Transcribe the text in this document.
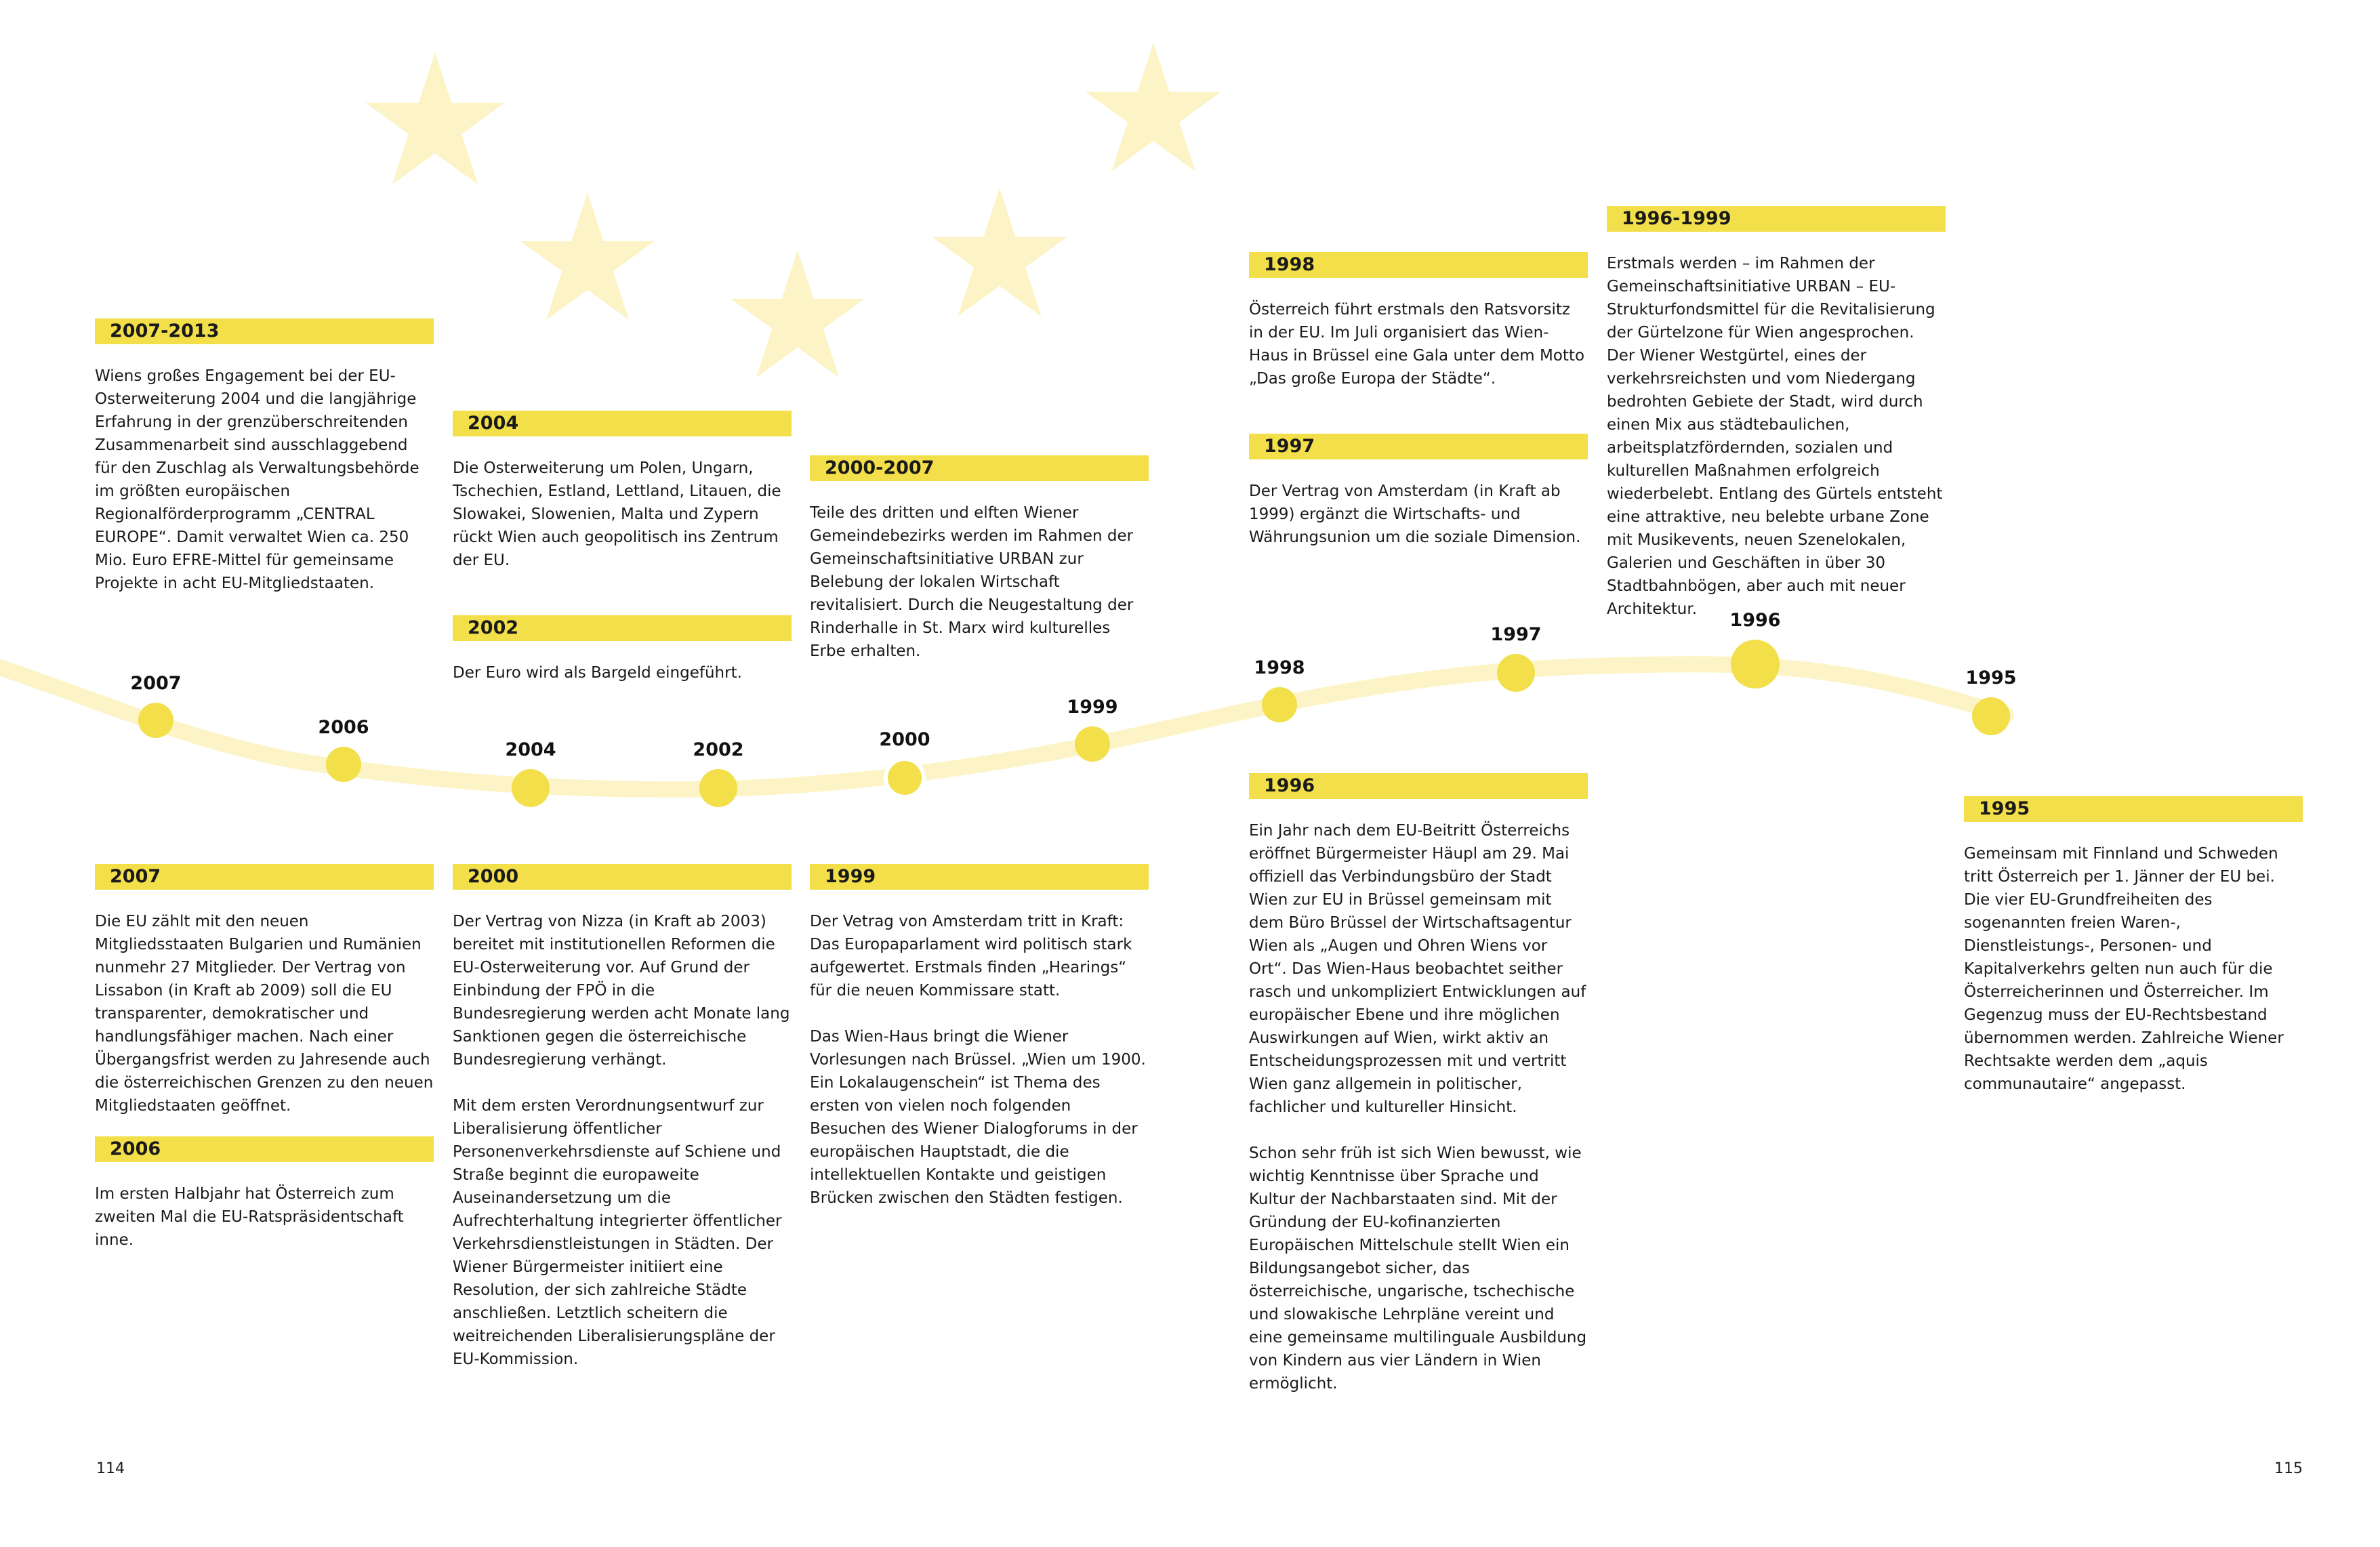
2007
2006
2004	2002	2000
1999
1998
1997
1996
1995
2007-2013

Wiens großes Engagement bei der EU-Osterweiterung 2004 und die langjährige Erfahrung in der grenzüberschreitenden Zusammenarbeit sind ausschlaggebend für den Zuschlag als Verwaltungsbehörde im größten europäischen Regionalförderprogramm „CENTRAL EUROPE“. Damit verwaltet Wien ca. 250 Mio. Euro EFRE-Mittel für gemeinsame Projekte in acht EU-Mitgliedstaaten.

2004

Die Osterweiterung um Polen, Ungarn, Tschechien, Estland, Lettland, Litauen, die Slowakei, Slowenien, Malta und Zypern rückt Wien auch geopolitisch ins Zentrum der EU.

2002

Der Euro wird als Bargeld eingeführt.

2000-2007

Teile des dritten und elften Wiener Gemeindebezirks werden im Rahmen der Gemeinschaftsinitiative URBAN zur Belebung der lokalen Wirtschaft revitalisiert. Durch die Neugestaltung der Rinderhalle in St. Marx wird kulturelles Erbe erhalten.

1998

Österreich führt erstmals den Ratsvorsitz in der EU. Im Juli organisiert das Wien-Haus in Brüssel eine Gala unter dem Motto „Das große Europa der Städte“.

1997

Der Vertrag von Amsterdam (in Kraft ab 1999) ergänzt die Wirtschafts- und Währungsunion um die soziale Dimension.

1996-1999

Erstmals werden – im Rahmen der Gemeinschaftsinitiative URBAN – EU-Strukturfondsmittel für die Revitalisierung der Gürtelzone für Wien angesprochen. Der Wiener Westgürtel, eines der verkehrsreichsten und vom Niedergang bedrohten Gebiete der Stadt, wird durch einen Mix aus städtebaulichen, arbeitsplatzfördernden, sozialen und kulturellen Maßnahmen erfolgreich wiederbelebt. Entlang des Gürtels entsteht eine attraktive, neu belebte urbane Zone mit Musikevents, neuen Szenelokalen, Galerien und Geschäften in über 30 Stadtbahnbögen, aber auch mit neuer Architektur.

2007

Die EU zählt mit den neuen Mitgliedsstaaten Bulgarien und Rumänien nunmehr 27 Mitglieder. Der Vertrag von Lissabon (in Kraft ab 2009) soll die EU transparenter, demokratischer und handlungsfähiger machen. Nach einer Übergangsfrist werden zu Jahresende auch die österreichischen Grenzen zu den neuen Mitgliedstaaten geöffnet.

2006

Im ersten Halbjahr hat Österreich zum zweiten Mal die EU-Ratspräsidentschaft inne.

2000

Der Vertrag von Nizza (in Kraft ab 2003) bereitet mit institutionellen Reformen die EU-Osterweiterung vor. Auf Grund der Einbindung der FPÖ in die Bundesregierung werden acht Monate lang Sanktionen gegen die österreichische Bundesregierung verhängt.

Mit dem ersten Verordnungsentwurf zur Liberalisierung öffentlicher Personenverkehrsdienste auf Schiene und Straße beginnt die europaweite Auseinandersetzung um die Aufrechterhaltung integrierter öffentlicher Verkehrsdienstleistungen in Städten. Der Wiener Bürgermeister initiiert eine Resolution, der sich zahlreiche Städte anschließen. Letztlich scheitern die weitreichenden Liberalisierungspläne der EU-Kommission.

1999

Der Vetrag von Amsterdam tritt in Kraft: Das Europaparlament wird politisch stark aufgewertet. Erstmals finden „Hearings“ für die neuen Kommissare statt.

Das Wien-Haus bringt die Wiener Vorlesungen nach Brüssel. „Wien um 1900. Ein Lokalaugenschein“ ist Thema des ersten von vielen noch folgenden Besuchen des Wiener Dialogforums in der europäischen Hauptstadt, die die intellektuellen Kontakte und geistigen Brücken zwischen den Städten festigen.

1996

Ein Jahr nach dem EU-Beitritt Österreichs eröffnet Bürgermeister Häupl am 29. Mai offiziell das Verbindungsbüro der Stadt Wien zur EU in Brüssel gemeinsam mit dem Büro Brüssel der Wirtschaftsagentur Wien als „Augen und Ohren Wiens vor Ort“. Das Wien-Haus beobachtet seither rasch und unkompliziert Entwicklungen auf europäischer Ebene und ihre möglichen Auswirkungen auf Wien, wirkt aktiv an Entscheidungsprozessen mit und vertritt Wien ganz allgemein in politischer, fachlicher und kultureller Hinsicht.

Schon sehr früh ist sich Wien bewusst, wie wichtig Kenntnisse über Sprache und Kultur der Nachbarstaaten sind. Mit der Gründung der EU-kofinanzierten Europäischen Mittelschule stellt Wien ein Bildungsangebot sicher, das österreichische, ungarische, tschechische und slowakische Lehrpläne vereint und eine gemeinsame multilinguale Ausbildung von Kindern aus vier Ländern in Wien ermöglicht.

1995

Gemeinsam mit Finnland und Schweden tritt Österreich per 1. Jänner der EU bei. Die vier EU-Grundfreiheiten des sogenannten freien Waren-, Dienstleistungs-, Personen- und Kapitalverkehrs gelten nun auch für die Österreicherinnen und Österreicher. Im Gegenzug muss der EU-Rechtsbestand übernommen werden. Zahlreiche Wiener Rechtsakte werden dem „aquis communautaire“ angepasst.

114	115
